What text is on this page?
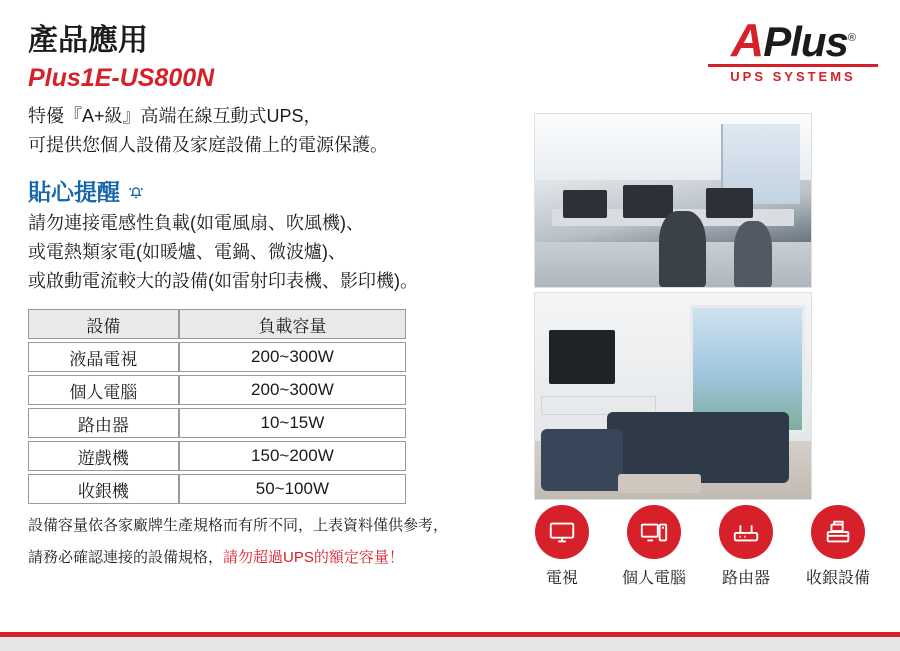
APlus®
UPS SYSTEMS
產品應用
Plus1E-US800N
特優『A+級』高端在線互動式UPS，
可提供您個人設備及家庭設備上的電源保護。
貼心提醒
請勿連接電感性負載(如電風扇、吹風機)、
或電熱類家電(如暖爐、電鍋、微波爐)、
或啟動電流較大的設備(如雷射印表機、影印機)。
設備	負載容量
液晶電視	200~300W
個人電腦	200~300W
路由器	10~15W
遊戲機	150~200W
收銀機	50~100W
設備容量依各家廠牌生產規格而有所不同，上表資料僅供參考，
請務必確認連接的設備規格，請勿超過UPS的額定容量！
電視	個人電腦	路由器	收銀設備
